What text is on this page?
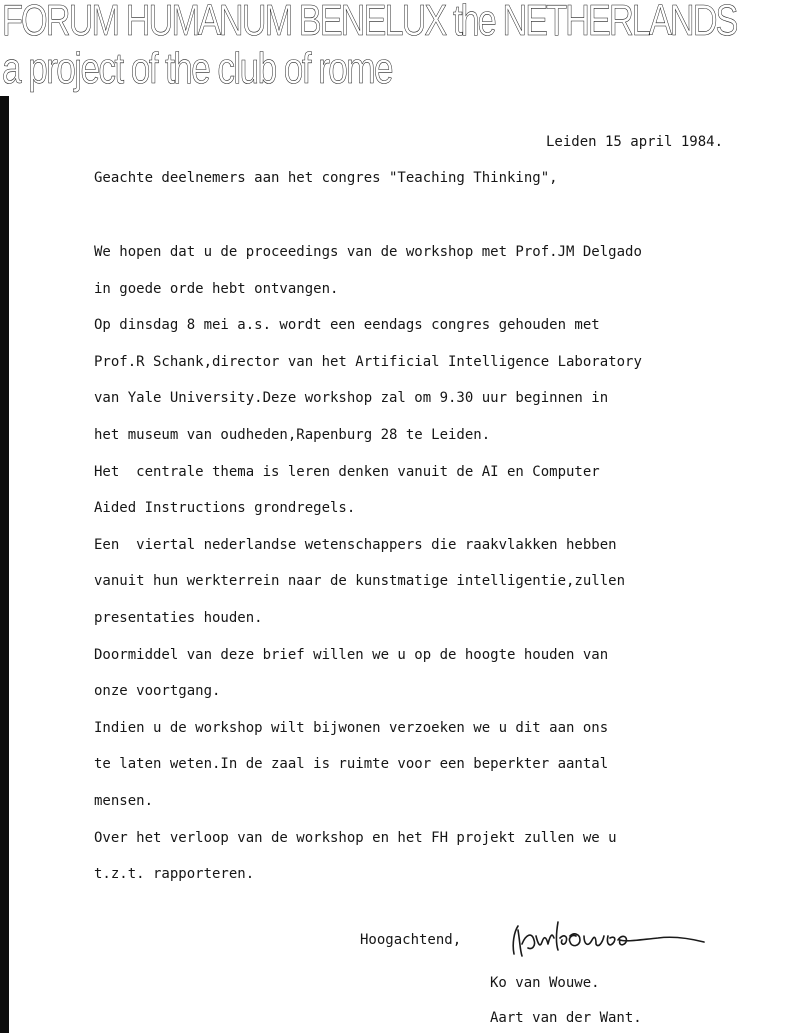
FORUM HUMANUM BENELUX the NETHERLANDS
a project of the club of rome
Leiden 15 april 1984.
Geachte deelnemers aan het congres "Teaching Thinking",
We hopen dat u de proceedings van de workshop met Prof.JM Delgado
in goede orde hebt ontvangen.
Op dinsdag 8 mei a.s. wordt een eendags congres gehouden met
Prof.R Schank,director van het Artificial Intelligence Laboratory
van Yale University.Deze workshop zal om 9.30 uur beginnen in
het museum van oudheden,Rapenburg 28 te Leiden.
Het  centrale thema is leren denken vanuit de AI en Computer
Aided Instructions grondregels.
Een  viertal nederlandse wetenschappers die raakvlakken hebben
vanuit hun werkterrein naar de kunstmatige intelligentie,zullen
presentaties houden.
Doormiddel van deze brief willen we u op de hoogte houden van
onze voortgang.
Indien u de workshop wilt bijwonen verzoeken we u dit aan ons
te laten weten.In de zaal is ruimte voor een beperkter aantal
mensen.
Over het verloop van de workshop en het FH projekt zullen we u
t.z.t. rapporteren.
Hoogachtend,
Ko van Wouwe.
Aart van der Want.
